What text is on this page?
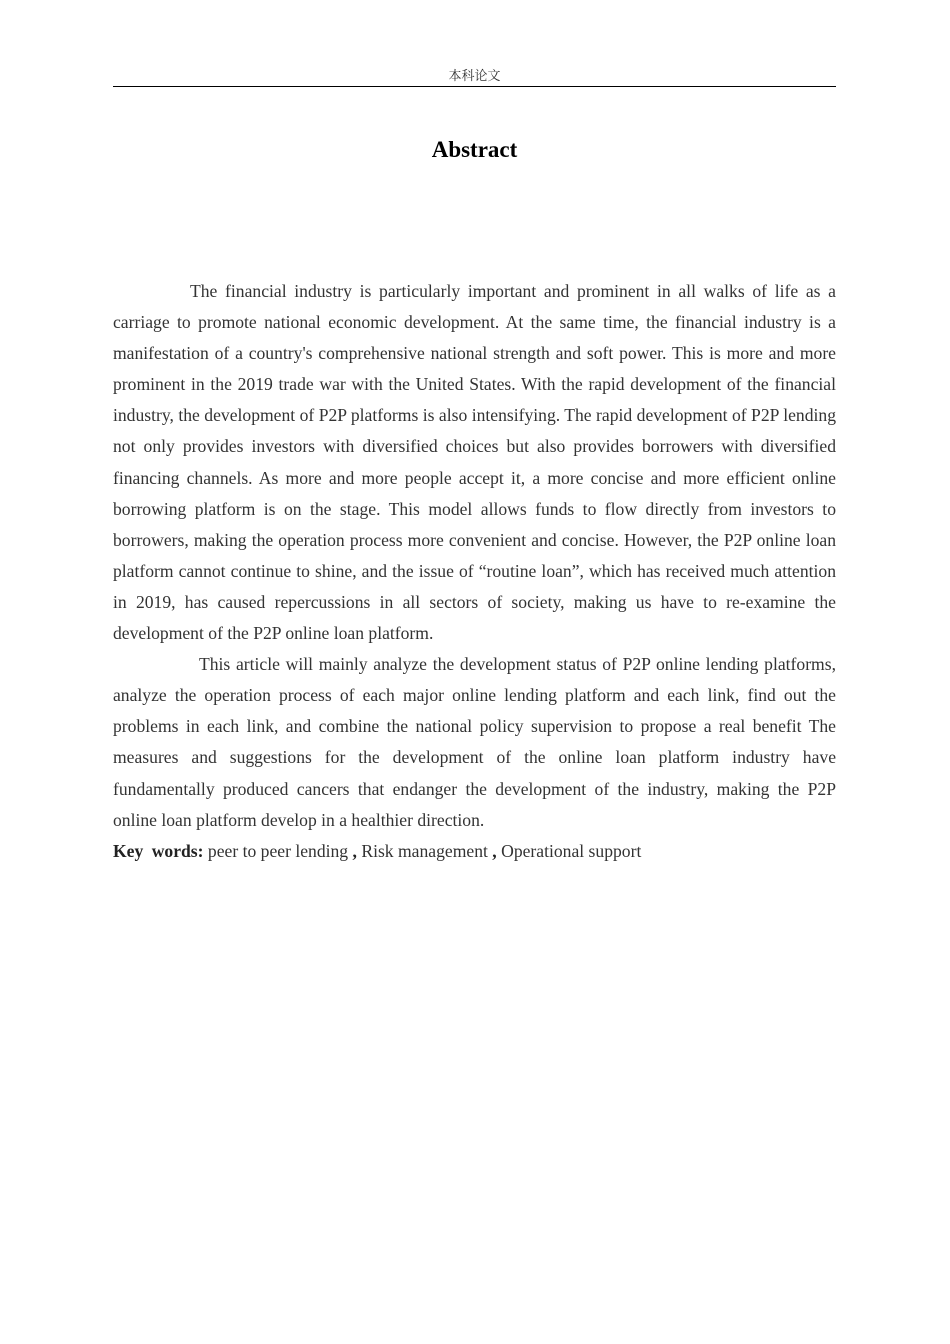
本科论文
Abstract

The financial industry is particularly important and prominent in all walks of life as a carriage to promote national economic development. At the same time, the financial industry is a manifestation of a country's comprehensive national strength and soft power. This is more and more prominent in the 2019 trade war with the United States. With the rapid development of the financial industry, the development of P2P platforms is also intensifying. The rapid development of P2P lending not only provides investors with diversified choices but also provides borrowers with diversified financing channels. As more and more people accept it, a more concise and more efficient online borrowing platform is on the stage. This model allows funds to flow directly from investors to borrowers, making the operation process more convenient and concise. However, the P2P online loan platform cannot continue to shine, and the issue of “routine loan”, which has received much attention in 2019, has caused repercussions in all sectors of society, making us have to re-examine the development of the P2P online loan platform.

This article will mainly analyze the development status of P2P online lending platforms, analyze the operation process of each major online lending platform and each link, find out the problems in each link, and combine the national policy supervision to propose a real benefit The measures and suggestions for the development of the online loan platform industry have fundamentally produced cancers that endanger the development of the industry, making the P2P online loan platform develop in a healthier direction.

Key words: peer to peer lending , Risk management , Operational support
